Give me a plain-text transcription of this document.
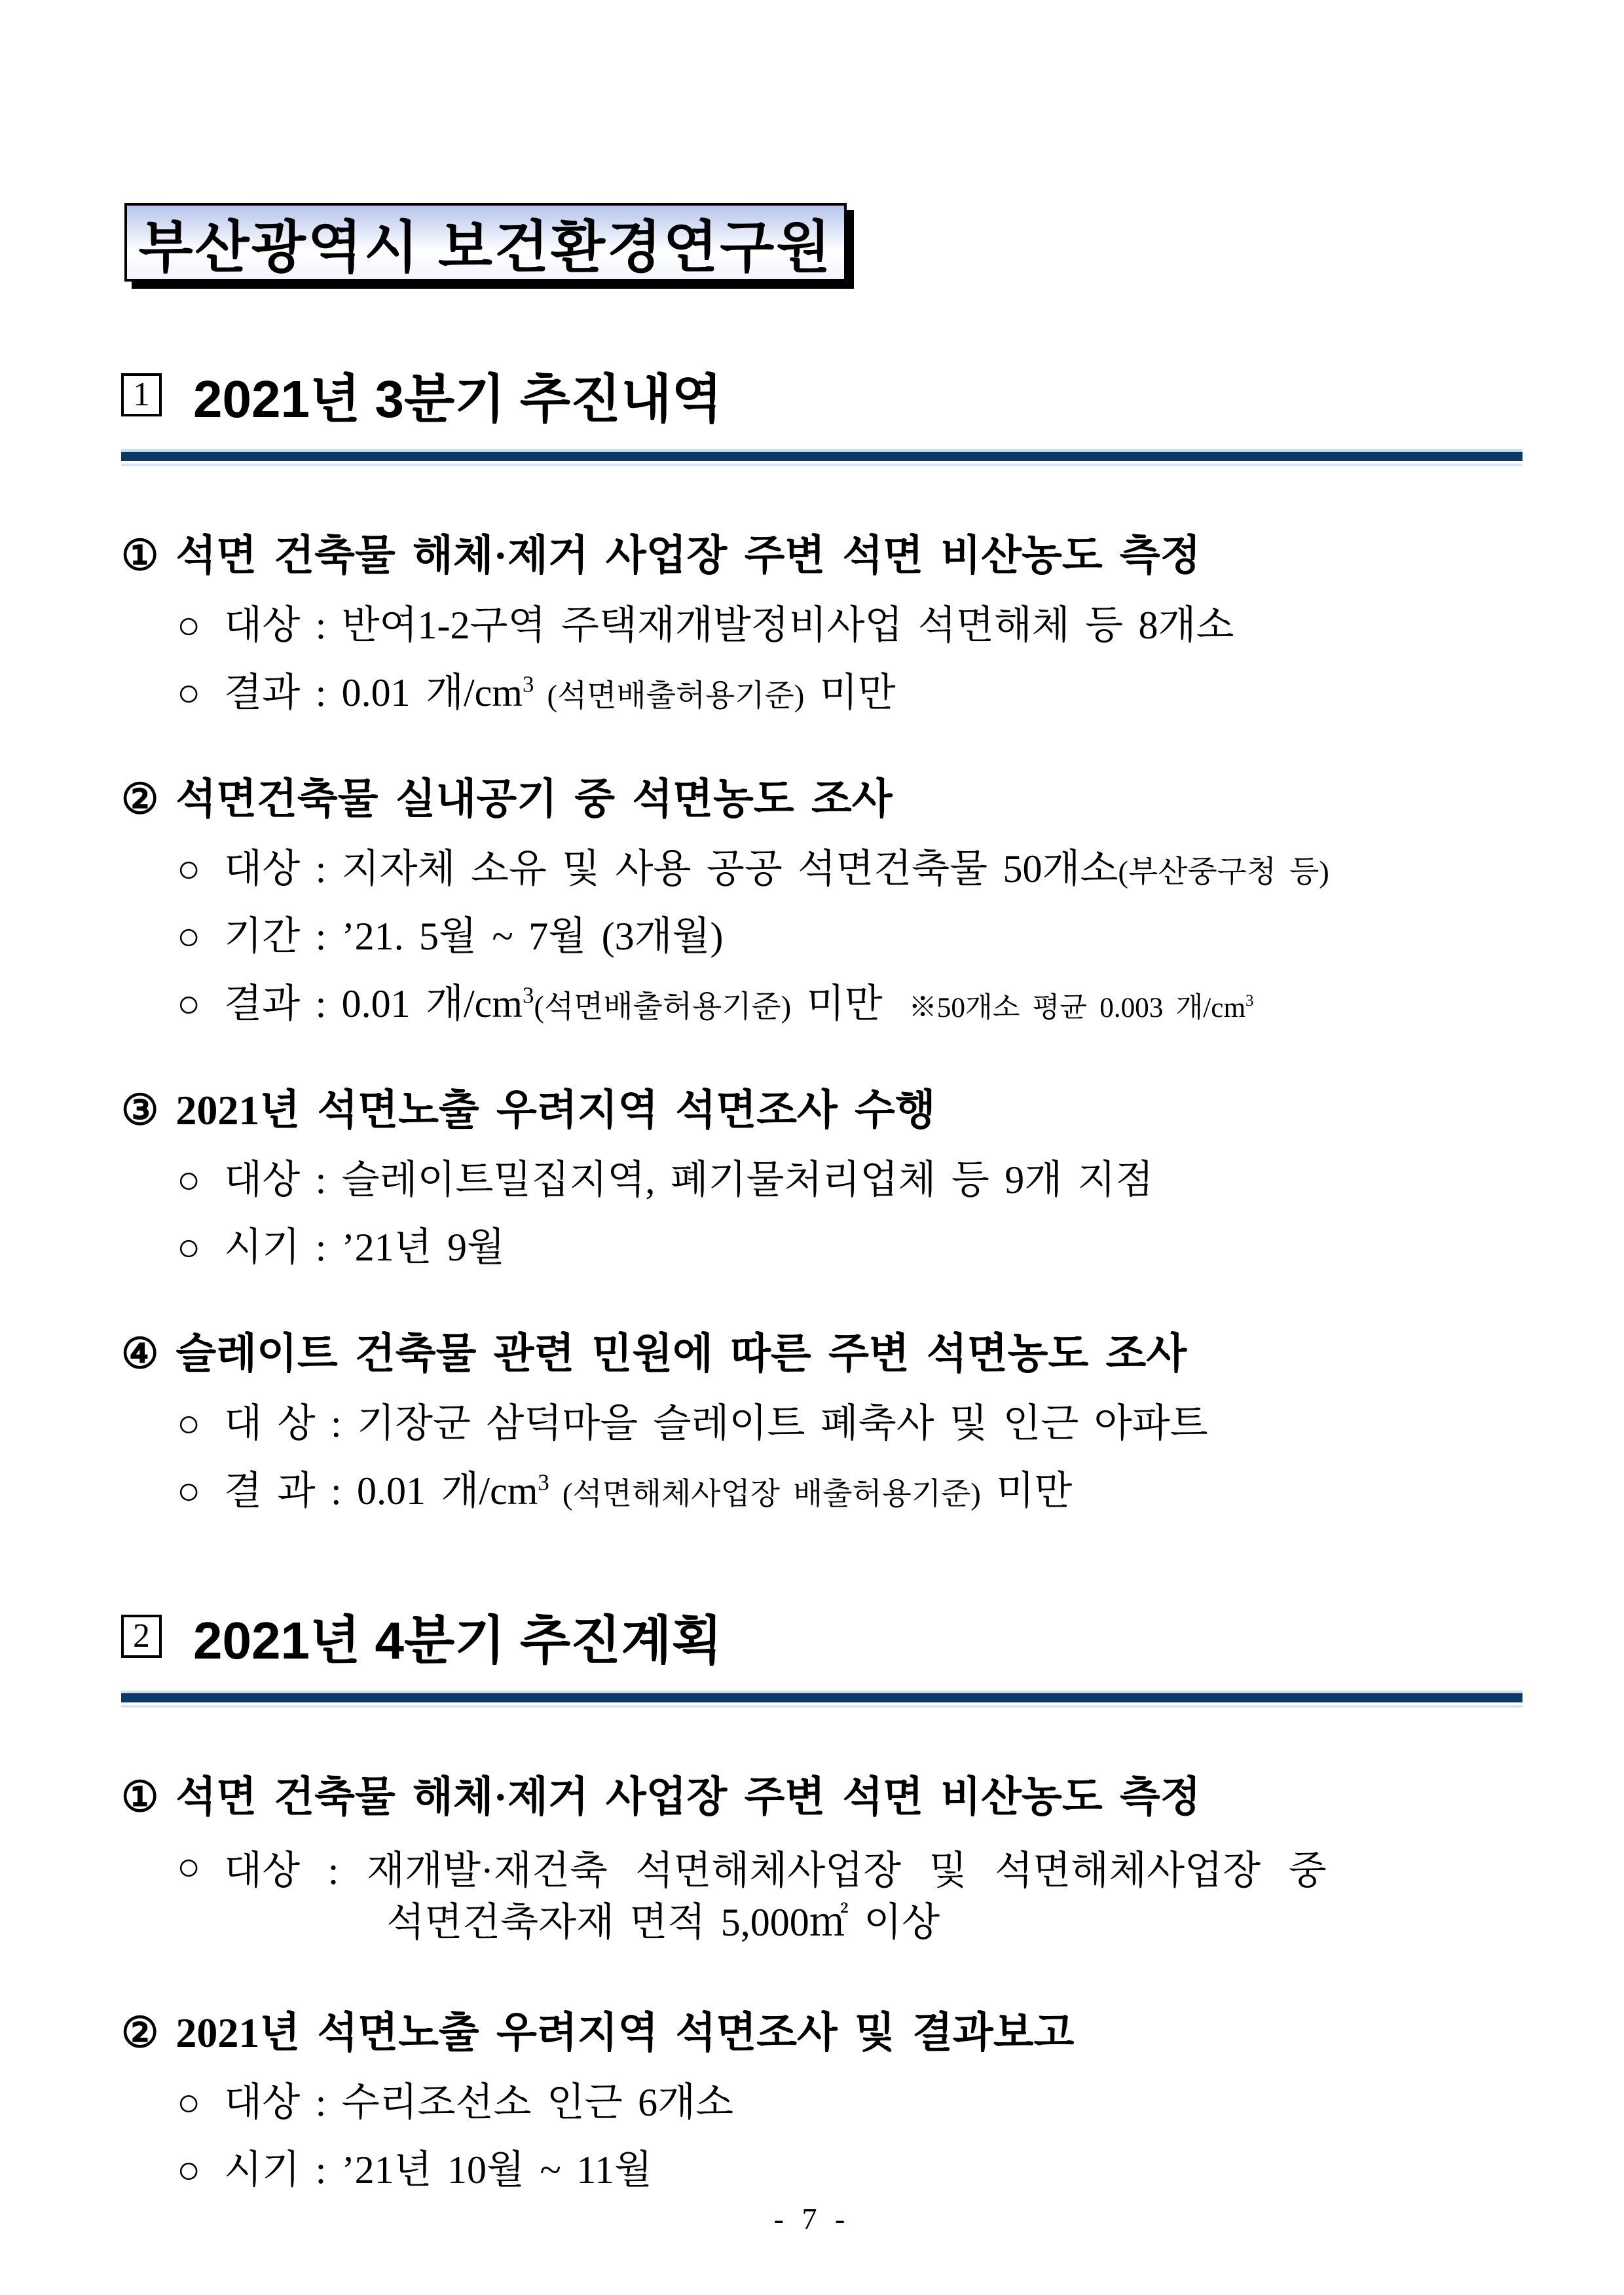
부산광역시 보건환경연구원
1 2021년 3분기 추진내역
① 석면 건축물 해체·제거 사업장 주변 석면 비산농도 측정
○ 대상 : 반여1-2구역 주택재개발정비사업 석면해체 등 8개소
○ 결과 : 0.01 개$/cm^3$ (석면배출허용기준) 미만
② 석면건축물 실내공기 중 석면농도 조사
○ 대상 : 지자체 소유 및 사용 공공 석면건축물 50개소(부산중구청 등)
○ 기간 : ’21. 5월 ~ 7월 (3개월)
○ 결과 : 0.01 개$/cm^3$(석면배출허용기준) 미만 ※50개소 평균 0.003 개$/cm^3$
③ 2021년 석면노출 우려지역 석면조사 수행
○ 대상 : 슬레이트밀집지역, 폐기물처리업체 등 9개 지점
○ 시기 : ’21년 9월
④ 슬레이트 건축물 관련 민원에 따른 주변 석면농도 조사
○ 대 상 : 기장군 삼덕마을 슬레이트 폐축사 및 인근 아파트
○ 결 과 : 0.01 개$/cm^3$ (석면해체사업장 배출허용기준) 미만
2 2021년 4분기 추진계획
① 석면 건축물 해체·제거 사업장 주변 석면 비산농도 측정
○ 대상 : 재개발·재건축 석면해체사업장 및 석면해체사업장 중
석면건축자재 면적 5,000㎡ 이상
② 2021년 석면노출 우려지역 석면조사 및 결과보고
○ 대상 : 수리조선소 인근 6개소
○ 시기 : ’21년 10월 ~ 11월
- 7 -
